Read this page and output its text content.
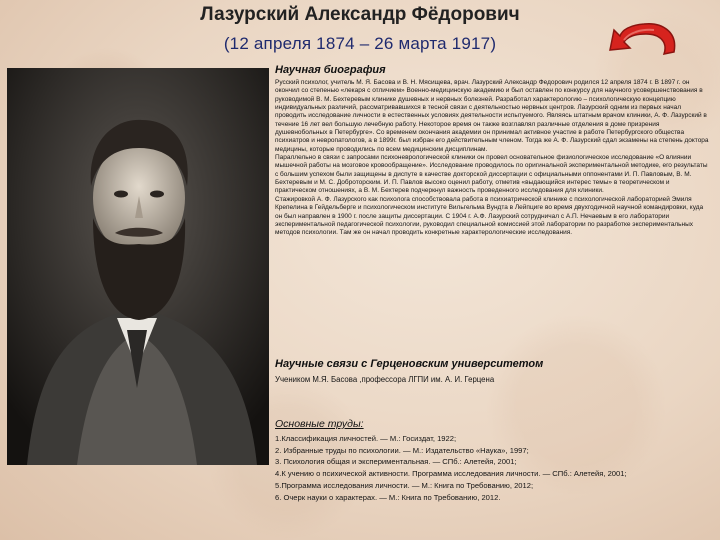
Лазурский Александр Фёдорович
(12 апреля 1874 – 26 марта 1917)
Научная биография

Русский психолог, учитель М. Я. Басова и В. Н. Мясищева, врач. Лазурский Александр Федорович родился 12 апреля 1874 г. В 1897 г. он окончил со степенью «лекаря с отличием» Военно-медицинскую академию и был оставлен по конкурсу для научного усовершенствования в руководимой В. М. Бехтеревым клинике душевных и нервных болезней. Разработал характерологию – психологическую концепцию индивидуальных различий, рассматривавшихся в тесной связи с деятельностью нервных центров. Лазурский одним из первых начал проводить исследование личности в естественных условиях деятельности испытуемого. Являясь штатным врачом клиники, А. Ф. Лазурский в течение 16 лет вел большую лечебную работу. Некоторое время он также возглавлял различные отделения в доме призрения душевнобольных в Петербурге». Со временем окончания академии он принимал активное участие в работе Петербургского общества психиатров и невропатологов, а в 1899г. был избран его действительным членом. Тогда же А. Ф. Лазурский сдал экзамены на степень доктора медицины, которые проводились по всем медицинским дисциплинам.

Параллельно в связи с запросами психоневрологической клиники он провел основательное физиологическое исследование «О влиянии мышечной работы на мозговое кровообращение». Исследование проводилось по оригинальной экспериментальной методике, его результаты с большим успехом были защищены в диспуте в качестве докторской диссертации с официальными оппонентами И. П. Павловым, В. М. Бехтеревым и М. С. Доброторским. И. П. Павлов высоко оценил работу, отметив «выдающийся интерес темы» в теоретическом и практическом отношениях, а В. М. Бехтерев подчеркнул важность проведенного исследования для клиники.

Стажировкой А. Ф. Лазурского как психолога способствовала работа в психиатрической клинике с психологической лабораторией Эмиля Крепелина в Гейдельберге и психологическом институте Вильгельма Вундта в Лейпциге во время двухгодичной научной командировки, куда он был направлен в 1900 г. после защиты диссертации. С 1904 г. А.Ф. Лазурский сотрудничал с А.П. Нечаевым в его лаборатории экспериментальной педагогической психологии, руководил специальной комиссией этой лаборатории по разработке экспериментальных методов психологии. Там же он начал проводить конкретные характерологические исследования.

Научные связи с Герценовским университетом
Учеником М.Я. Басова ,профессора ЛГПИ им. А. И. Герцена
Основные труды:
1.Классификация личностей. — М.: Госиздат, 1922;
2. Избранные труды по психологии. — М.: Издательство «Наука», 1997;
3. Психология общая и экспериментальная. — СПб.: Алетейя, 2001;
4.К учению о психической активности. Программа исследования личности. — СПб.: Алетейя, 2001;
5.Программа исследования личности. — М.: Книга по Требованию, 2012;
6. Очерк науки о характерах. — М.: Книга по Требованию, 2012.
